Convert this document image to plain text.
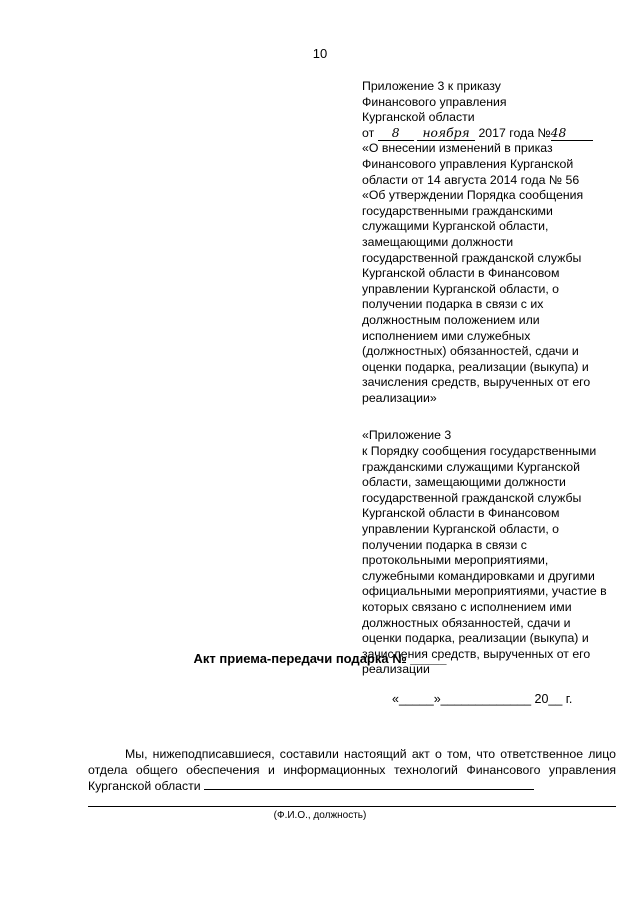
10
Приложение 3 к приказу
Финансового управления
Курганской области
от 8 ноября 2017 года №48
«О внесении изменений в приказ
Финансового управления Курганской
области от 14 августа 2014 года № 56
«Об утверждении Порядка сообщения
государственными гражданскими
служащими Курганской области,
замещающими должности
государственной гражданской службы
Курганской области в Финансовом
управлении Курганской области, о
получении подарка в связи с их
должностным положением или
исполнением ими служебных
(должностных) обязанностей, сдачи и
оценки подарка, реализации (выкупа) и
зачисления средств, вырученных от его
реализации»
«Приложение 3
к Порядку сообщения государственными
гражданскими служащими Курганской
области, замещающими должности
государственной гражданской службы
Курганской области в Финансовом
управлении Курганской области, о
получении подарка в связи с
протокольными мероприятиями,
служебными командировками и другими
официальными мероприятиями, участие в
которых связано с исполнением ими
должностных обязанностей, сдачи и
оценки подарка, реализации (выкупа) и
зачисления средств, вырученных от его
реализации
Акт приема-передачи подарка № _____
«_____»_____________ 20__ г.
Мы, нижеподписавшиеся, составили настоящий акт о том, что ответственное лицо отдела общего обеспечения и информационных технологий Финансового управления Курганской области
(Ф.И.О., должность)
